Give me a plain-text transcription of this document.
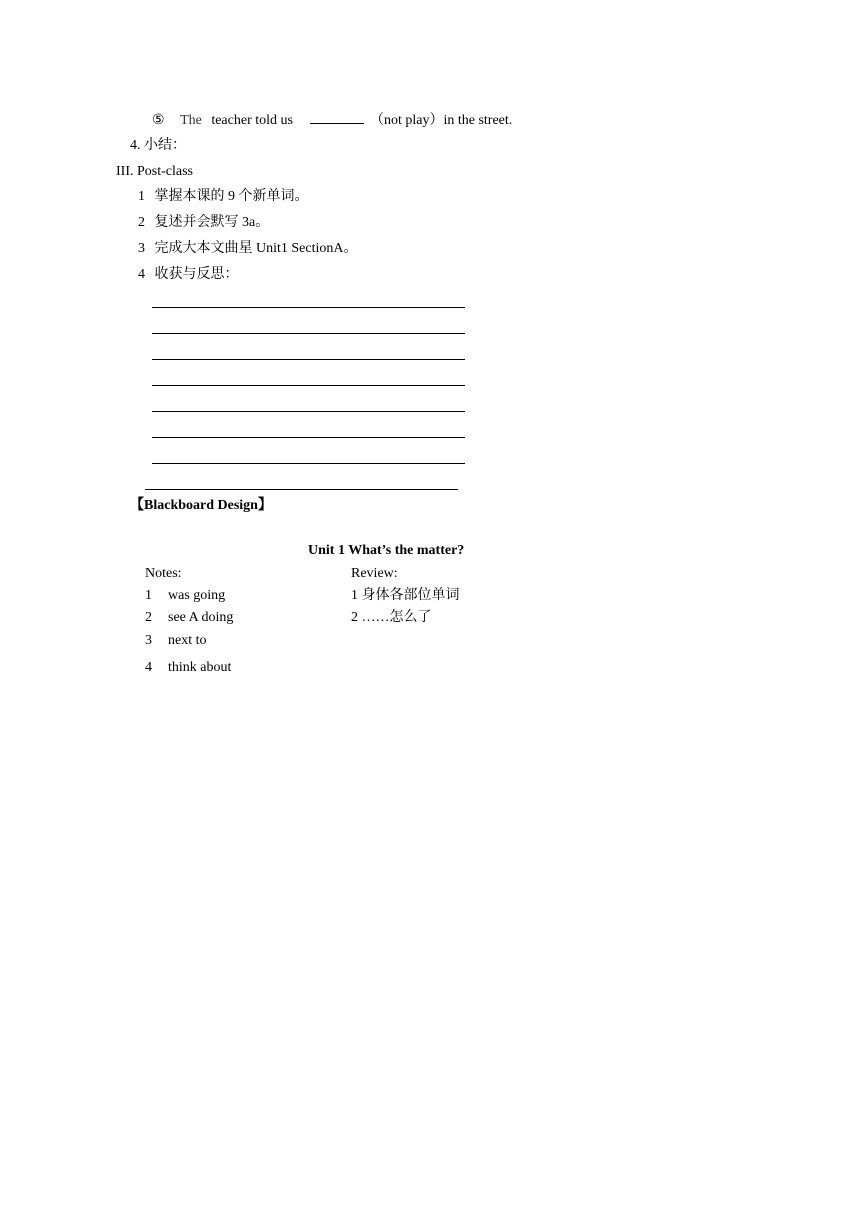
⑤ The teacher told us	（not play）in the street.
4. 小结：
III. Post-class
1 掌握本课的 9 个新单词。
2 复述并会默写 3a。
3 完成大本文曲星 Unit1 SectionA。
4 收获与反思：
【Blackboard Design】
Unit 1 What’s the matter?
Notes:	Review:
1 was going
2 see A doing
3 next to
4 think about
1 身体各部位单词
2 ……怎么了
